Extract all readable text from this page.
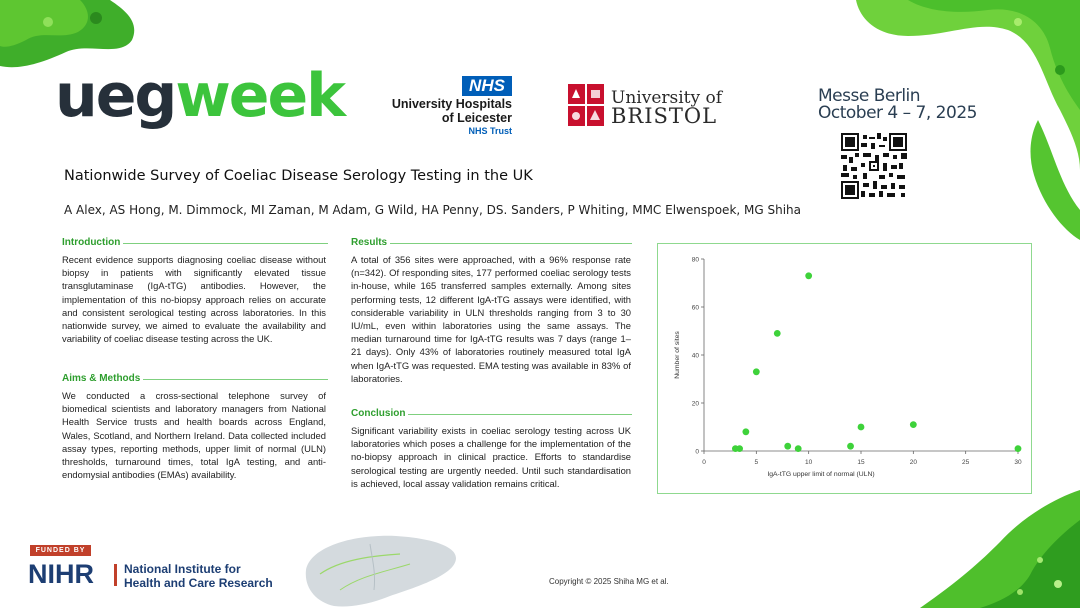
uegweek	NHS
University Hospitals
of Leicester
NHS Trust
University of
BRISTOL
Messe Berlin
October 4 – 7, 2025
Nationwide Survey of Coeliac Disease Serology Testing in the UK
A Alex, AS Hong, M. Dimmock, MI Zaman, M Adam, G Wild, HA Penny, DS. Sanders, P Whiting, MMC Elwenspoek, MG Shiha
Introduction
Recent evidence supports diagnosing coeliac disease without biopsy in patients with significantly elevated tissue transglutaminase (IgA-tTG) antibodies. However, the implementation of this no-biopsy approach relies on accurate and consistent serological testing across laboratories. In this nationwide survey, we aimed to evaluate the availability and variability of coeliac disease testing across the UK.
Aims & Methods
We conducted a cross-sectional telephone survey of biomedical scientists and laboratory managers from National Health Service trusts and health boards across England, Wales, Scotland, and Northern Ireland. Data collected included assay types, reporting methods, upper limit of normal (ULN) thresholds, turnaround times, total IgA testing, and anti-endomysial antibodies (EMAs) availability.
Results
A total of 356 sites were approached, with a 96% response rate (n=342). Of responding sites, 177 performed coeliac serology tests in-house, while 165 transferred samples externally. Among sites performing tests, 12 different IgA-tTG assays were identified, with considerable variability in ULN thresholds ranging from 3 to 30 IU/mL, even within laboratories using the same assays. The median turnaround time for IgA-tTG results was 7 days (range 1–21 days). Only 43% of laboratories routinely measured total IgA when IgA-tTG was requested. EMA testing was available in 83% of laboratories.
Conclusion
Significant variability exists in coeliac serology testing across UK laboratories which poses a challenge for the implementation of the no-biopsy approach in clinical practice. Efforts to standardise serological testing are urgently needed. Until such standardisation is achieved, local assay validation remains critical.
0	5	10	15	20	25	30
0
20
40
60
80
IgA-tTG upper limit of normal (ULN)
Number of sites
FUNDED BY
NIHR	National Institute for
Health and Care Research	Copyright © 2025 Shiha MG et al.
